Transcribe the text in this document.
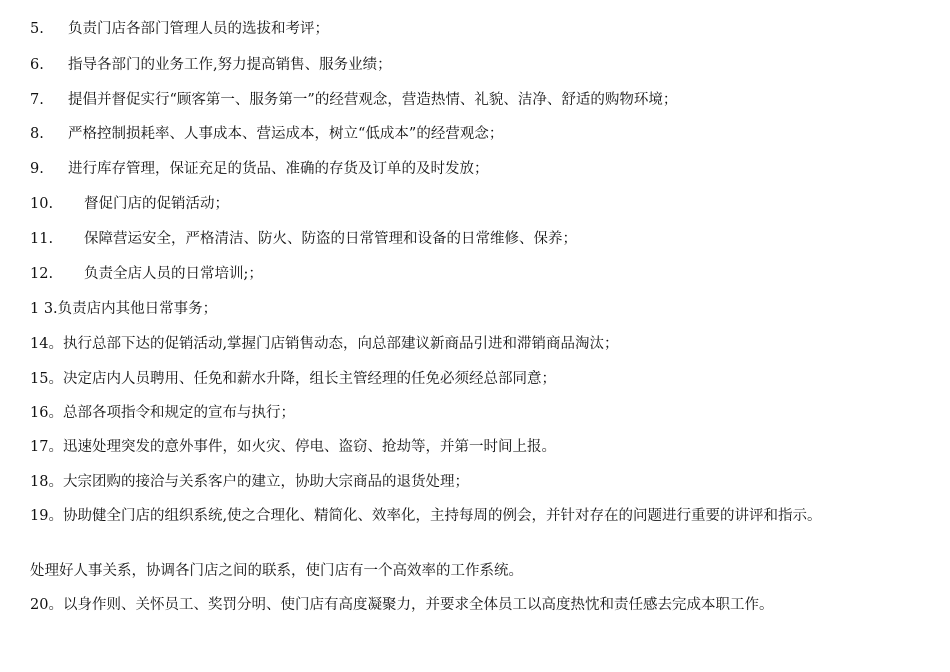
5. 负责门店各部门管理人员的选拔和考评；
6. 指导各部门的业务工作,努力提高销售、服务业绩；
7. 提倡并督促实行“顾客第一、服务第一”的经营观念，营造热情、礼貌、洁净、舒适的购物环境；
8. 严格控制损耗率、人事成本、营运成本，树立“低成本”的经营观念；
9. 进行库存管理，保证充足的货品、准确的存货及订单的及时发放；
10. 督促门店的促销活动；
11. 保障营运安全，严格清洁、防火、防盗的日常管理和设备的日常维修、保养；
12. 负责全店人员的日常培训;；
1 3.负责店内其他日常事务；
14。执行总部下达的促销活动,掌握门店销售动态，向总部建议新商品引进和滞销商品淘汰；
15。决定店内人员聘用、任免和薪水升降，组长主管经理的任免必须经总部同意；
16。总部各项指令和规定的宣布与执行；
17。迅速处理突发的意外事件，如火灾、停电、盗窃、抢劫等，并第一时间上报。
18。大宗团购的接洽与关系客户的建立，协助大宗商品的退货处理；
19。协助健全门店的组织系统,使之合理化、精简化、效率化，主持每周的例会，并针对存在的问题进行重要的讲评和指示。
处理好人事关系，协调各门店之间的联系，使门店有一个高效率的工作系统。
20。以身作则、关怀员工、奖罚分明、使门店有高度凝聚力，并要求全体员工以高度热忱和责任感去完成本职工作。
